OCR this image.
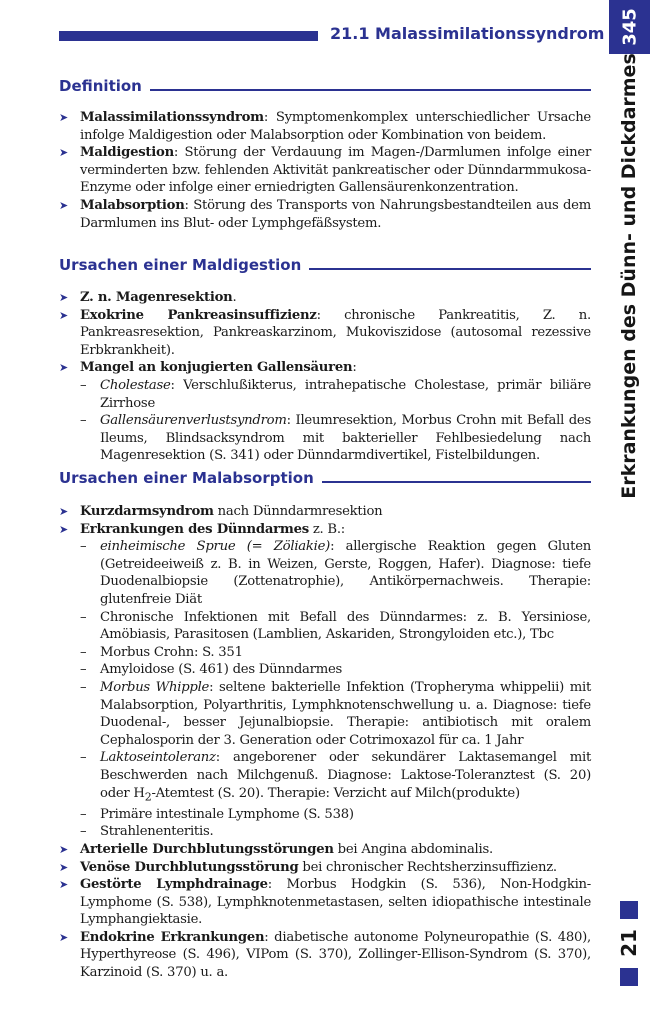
21.1 Malassimilationssyndrom 345
Erkrankungen des Dünn- und Dickdarmes
21
Definition
➤ Malassimilationssyndrom: Symptomenkomplex unterschiedlicher Ursache infolge Maldigestion oder Malabsorption oder Kombination von beidem.
➤ Maldigestion: Störung der Verdauung im Magen-/Darmlumen infolge einer verminderten bzw. fehlenden Aktivität pankreatischer oder Dünndarmmukosa-Enzyme oder infolge einer erniedrigten Gallensäurenkonzentration.
➤ Malabsorption: Störung des Transports von Nahrungsbestandteilen aus dem Darmlumen ins Blut- oder Lymphgefäßsystem.
Ursachen einer Maldigestion
➤ Z. n. Magenresektion.
➤ Exokrine Pankreasinsuffizienz: chronische Pankreatitis, Z. n. Pankreasresektion, Pankreaskarzinom, Mukoviszidose (autosomal rezessive Erbkrankheit).
➤ Mangel an konjugierten Gallensäuren:
– Cholestase: Verschlußikterus, intrahepatische Cholestase, primär biliäre Zirrhose
– Gallensäurenverlustsyndrom: Ileumresektion, Morbus Crohn mit Befall des Ileums, Blindsacksyndrom mit bakterieller Fehlbesiedelung nach Magenresektion (S. 341) oder Dünndarmdivertikel, Fistelbildungen.
Ursachen einer Malabsorption
➤ Kurzdarmsyndrom nach Dünndarmresektion
➤ Erkrankungen des Dünndarmes z. B.:
– einheimische Sprue (= Zöliakie): allergische Reaktion gegen Gluten (Getreideeiweiß z. B. in Weizen, Gerste, Roggen, Hafer). Diagnose: tiefe Duodenalbiopsie (Zottenatrophie), Antikörpernachweis. Therapie: glutenfreie Diät
– Chronische Infektionen mit Befall des Dünndarmes: z. B. Yersiniose, Amöbiasis, Parasitosen (Lamblien, Askariden, Strongyloiden etc.), Tbc
– Morbus Crohn: S. 351
– Amyloidose (S. 461) des Dünndarmes
– Morbus Whipple: seltene bakterielle Infektion (Tropheryma whippelii) mit Malabsorption, Polyarthritis, Lymphknotenschwellung u. a. Diagnose: tiefe Duodenal-, besser Jejunalbiopsie. Therapie: antibiotisch mit oralem Cephalosporin der 3. Generation oder Cotrimoxazol für ca. 1 Jahr
– Laktoseintoleranz: angeborener oder sekundärer Laktasemangel mit Beschwerden nach Milchgenuß. Diagnose: Laktose-Toleranztest (S. 20) oder $H_2$-Atemtest (S. 20). Therapie: Verzicht auf Milch(produkte)
– Primäre intestinale Lymphome (S. 538)
– Strahlenenteritis.
➤ Arterielle Durchblutungsstörungen bei Angina abdominalis.
➤ Venöse Durchblutungsstörung bei chronischer Rechtsherzinsuffizienz.
➤ Gestörte Lymphdrainage: Morbus Hodgkin (S. 536), Non-Hodgkin-Lymphome (S. 538), Lymphknotenmetastasen, selten idiopathische intestinale Lymphangiektasie.
➤ Endokrine Erkrankungen: diabetische autonome Polyneuropathie (S. 480), Hyperthyreose (S. 496), VIPom (S. 370), Zollinger-Ellison-Syndrom (S. 370), Karzinoid (S. 370) u. a.
